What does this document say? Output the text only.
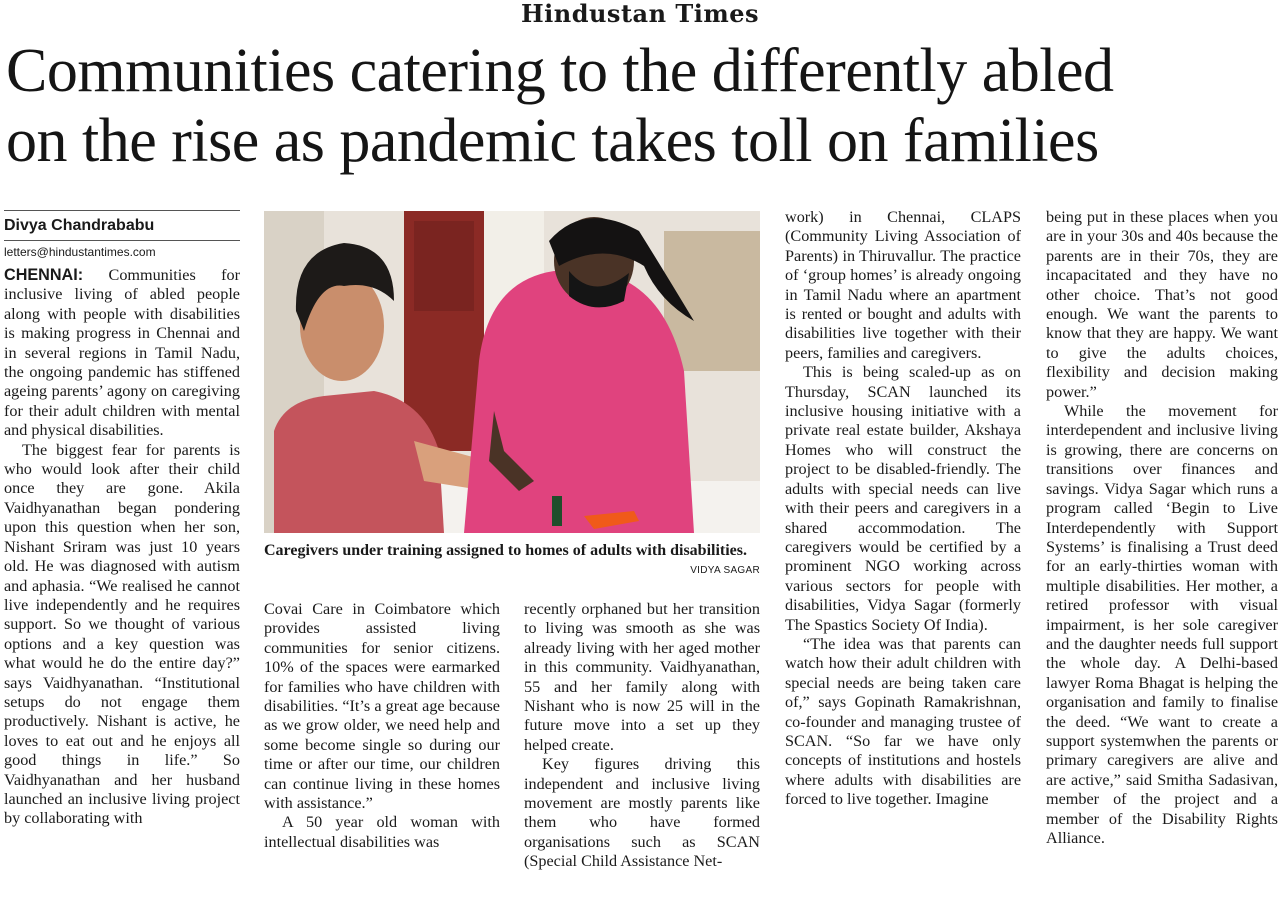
Hindustan Times
Communities catering to the differently abled
on the rise as pandemic takes toll on families
Divya Chandrababu
letters@hindustantimes.com

CHENNAI: Communities for inclusive living of abled people along with people with disabilities is making progress in Chennai and in several regions in Tamil Nadu, the ongoing pandemic has stiffened ageing parents’ agony on caregiving for their adult children with mental and physical disabilities.

The biggest fear for parents is who would look after their child once they are gone. Akila Vaidhyanathan began pondering upon this question when her son, Nishant Sriram was just 10 years old. He was diagnosed with autism and aphasia. “We realised he cannot live independently and he requires support. So we thought of various options and a key question was what would he do the entire day?” says Vaidhyanathan. “Institutional setups do not engage them productively. Nishant is active, he loves to eat out and he enjoys all good things in life.” So Vaidhyanathan and her husband launched an inclusive living project by collaborating with

Caregivers under training assigned to homes of adults with disabilities.
VIDYA SAGAR

Covai Care in Coimbatore which provides assisted living communities for senior citizens. 10% of the spaces were earmarked for families who have children with disabilities. “It’s a great age because as we grow older, we need help and some become single so during our time or after our time, our children can continue living in these homes with assistance.”

A 50 year old woman with intellectual disabilities was

recently orphaned but her transition to living was smooth as she was already living with her aged mother in this community. Vaidhyanathan, 55 and her family along with Nishant who is now 25 will in the future move into a set up they helped create.

Key figures driving this independent and inclusive living movement are mostly parents like them who have formed organisations such as SCAN (Special Child Assistance Net-

work) in Chennai, CLAPS (Community Living Association of Parents) in Thiruvallur. The practice of ‘group homes’ is already ongoing in Tamil Nadu where an apartment is rented or bought and adults with disabilities live together with their peers, families and caregivers.

This is being scaled-up as on Thursday, SCAN launched its inclusive housing initiative with a private real estate builder, Akshaya Homes who will construct the project to be disabled-friendly. The adults with special needs can live with their peers and caregivers in a shared accommodation. The caregivers would be certified by a prominent NGO working across various sectors for people with disabilities, Vidya Sagar (formerly The Spastics Society Of India).

“The idea was that parents can watch how their adult children with special needs are being taken care of,” says Gopinath Ramakrishnan, co-founder and managing trustee of SCAN. “So far we have only concepts of institutions and hostels where adults with disabilities are forced to live together. Imagine

being put in these places when you are in your 30s and 40s because the parents are in their 70s, they are incapacitated and they have no other choice. That’s not good enough. We want the parents to know that they are happy. We want to give the adults choices, flexibility and decision making power.”

While the movement for interdependent and inclusive living is growing, there are concerns on transitions over finances and savings. Vidya Sagar which runs a program called ‘Begin to Live Interdependently with Support Systems’ is finalising a Trust deed for an early-thirties woman with multiple disabilities. Her mother, a retired professor with visual impairment, is her sole caregiver and the daughter needs full support the whole day. A Delhi-based lawyer Roma Bhagat is helping the organisation and family to finalise the deed. “We want to create a support systemwhen the parents or primary caregivers are alive and are active,” said Smitha Sadasivan, member of the project and a member of the Disability Rights Alliance.
